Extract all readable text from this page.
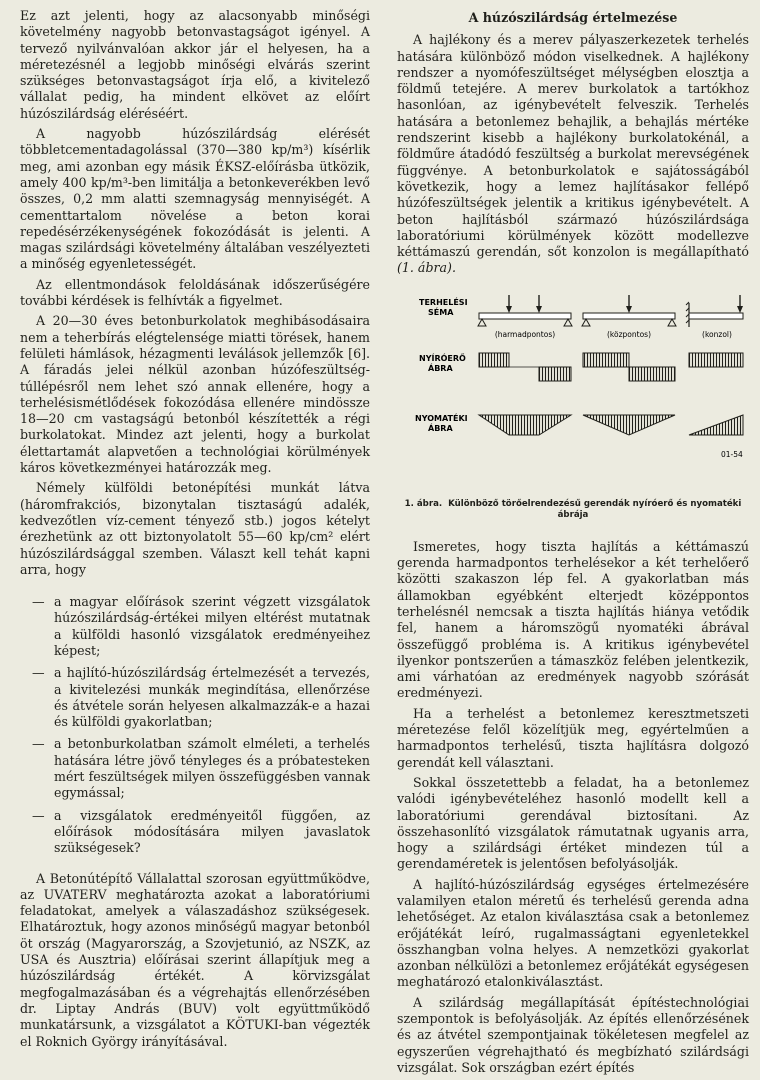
Ez azt jelenti, hogy az alacsonyabb minőségi követelmény nagyobb betonvastagságot igényel. A tervező nyilvánvalóan akkor jár el helyesen, ha a méretezésnél a legjobb minőségi elvárás szerint szükséges betonvastagságot írja elő, a kivitelező vállalat pedig, ha mindent elkövet az előírt húzószilárdság eléréséért.

A nagyobb húzószilárdság elérését többletcementadagolással (370—380 kp/m³) kísérlik meg, ami azonban egy másik ÉKSZ-előírásba ütközik, amely 400 kp/m³-ben limitálja a betonkeverékben levő összes, 0,2 mm alatti szemnagyság mennyiségét. A cementtartalom növelése a beton korai repedésérzékenységének fokozódását is jelenti. A magas szilárdsági követelmény általában veszélyezteti a minőség egyenletességét.

Az ellentmondások feloldásának időszerűségére további kérdések is felhívták a figyelmet.

A 20—30 éves betonburkolatok meghibásodásaira nem a teherbírás elégtelensége miatti törések, hanem felületi hámlások, hézagmenti leválások jellemzők [6]. A fáradás jelei nélkül azonban húzófeszültség-túllépésről nem lehet szó annak ellenére, hogy a terhelésismétlődések fokozódása ellenére mindössze 18—20 cm vastagságú betonból készítették a régi burkolatokat. Mindez azt jelenti, hogy a burkolat élettartamát alapvetően a technológiai körülmények káros következményei határozzák meg.

Némely külföldi betonépítési munkát látva (háromfrakciós, bizonytalan tisztaságú adalék, kedvezőtlen víz-cement tényező stb.) jogos kételyt érezhetünk az ott biztonyolatolt 55—60 kp/cm² elért húzószilárdsággal szemben. Választ kell tehát kapni arra, hogy

— a magyar előírások szerint végzett vizsgálatok húzószilárdság-értékei milyen eltérést mutatnak a külföldi hasonló vizsgálatok eredményeihez képest;
— a hajlító-húzószilárdság értelmezését a tervezés, a kivitelezési munkák megindítása, ellenőrzése és átvétele során helyesen alkalmazzák-e a hazai és külföldi gyakorlatban;
— a betonburkolatban számolt elméleti, a terhelés hatására létre jövő tényleges és a próbatesteken mért feszültségek milyen összefüggésben vannak egymással;
— a vizsgálatok eredményeitől függően, az előírások módosítására milyen javaslatok szükségesek?

A Betonútépítő Vállalattal szorosan együttműködve, az UVATERV meghatározta azokat a laboratóriumi feladatokat, amelyek a válaszadáshoz szükségesek. Elhatároztuk, hogy azonos minőségű magyar betonból öt ország (Magyarország, a Szovjetunió, az NSZK, az USA és Ausztria) előírásai szerint állapítjuk meg a húzószilárdság értékét. A körvizsgálat megfogalmazásában és a végrehajtás ellenőrzésében dr. Liptay András (BUV) volt együttműködő munkatársunk, a vizsgálatot a KÖTUKI-ban végezték el Roknich György irányításával.

A húzószilárdság értelmezése

A hajlékony és a merev pályaszerkezetek terhelés hatására különböző módon viselkednek. A hajlékony rendszer a nyomófeszültséget mélységben elosztja a földmű tetejére. A merev burkolatok a tartókhoz hasonlóan, az igénybevételt felveszik. Terhelés hatására a betonlemez behajlik, a behajlás mértéke rendszerint kisebb a hajlékony burkolatokénál, a földműre átadódó feszültség a burkolat merevségének függvénye. A betonburkolatok e sajátosságából következik, hogy a lemez hajlításakor fellépő húzófeszültségek jelentik a kritikus igénybevételt. A beton hajlításból származó húzószilárdsága laboratóriumi körülmények között modellezve kéttámaszú gerendán, sőt konzolon is megállapítható (1. ábra).

TERHELÉSI
SÉMA
NYÍRÓERŐ
ÁBRA
NYOMATÉKI
ÁBRA
(harmadpontos)	(központos)	(konzol)
01-54
1. ábra. Különböző törőelrendezésű gerendák nyíróerő és nyomatéki ábrája

Ismeretes, hogy tiszta hajlítás a kéttámaszú gerenda harmadpontos terhelésekor a két terhelőerő közötti szakaszon lép fel. A gyakorlatban más államokban egyébként elterjedt középpontos terhelésnél nemcsak a tiszta hajlítás hiánya vetődik fel, hanem a háromszögű nyomatéki ábrával összefüggő probléma is. A kritikus igénybevétel ilyenkor pontszerűen a támaszköz felében jelentkezik, ami várhatóan az eredmények nagyobb szórását eredményezi.

Ha a terhelést a betonlemez keresztmetszeti méretezése felől közelítjük meg, egyértelműen a harmadpontos terhelésű, tiszta hajlításra dolgozó gerendát kell választani.

Sokkal összetettebb a feladat, ha a betonlemez valódi igénybevételéhez hasonló modellt kell a laboratóriumi gerendával biztosítani. Az összehasonlító vizsgálatok rámutatnak ugyanis arra, hogy a szilárdsági értéket mindezen túl a gerendaméretek is jelentősen befolyásolják.

A hajlító-húzószilárdság egységes értelmezésére valamilyen etalon méretű és terhelésű gerenda adna lehetőséget. Az etalon kiválasztása csak a betonlemez erőjátékát leíró, rugalmasságtani egyenletekkel összhangban volna helyes. A nemzetközi gyakorlat azonban nélkülözi a betonlemez erőjátékát egységesen meghatározó etalonkiválasztást.

A szilárdság megállapítását építéstechnológiai szempontok is befolyásolják. Az építés ellenőrzésének és az átvétel szempontjainak tökéletesen megfelel az egyszerűen végrehajtható és megbízható szilárdsági vizsgálat. Sok országban ezért építés
